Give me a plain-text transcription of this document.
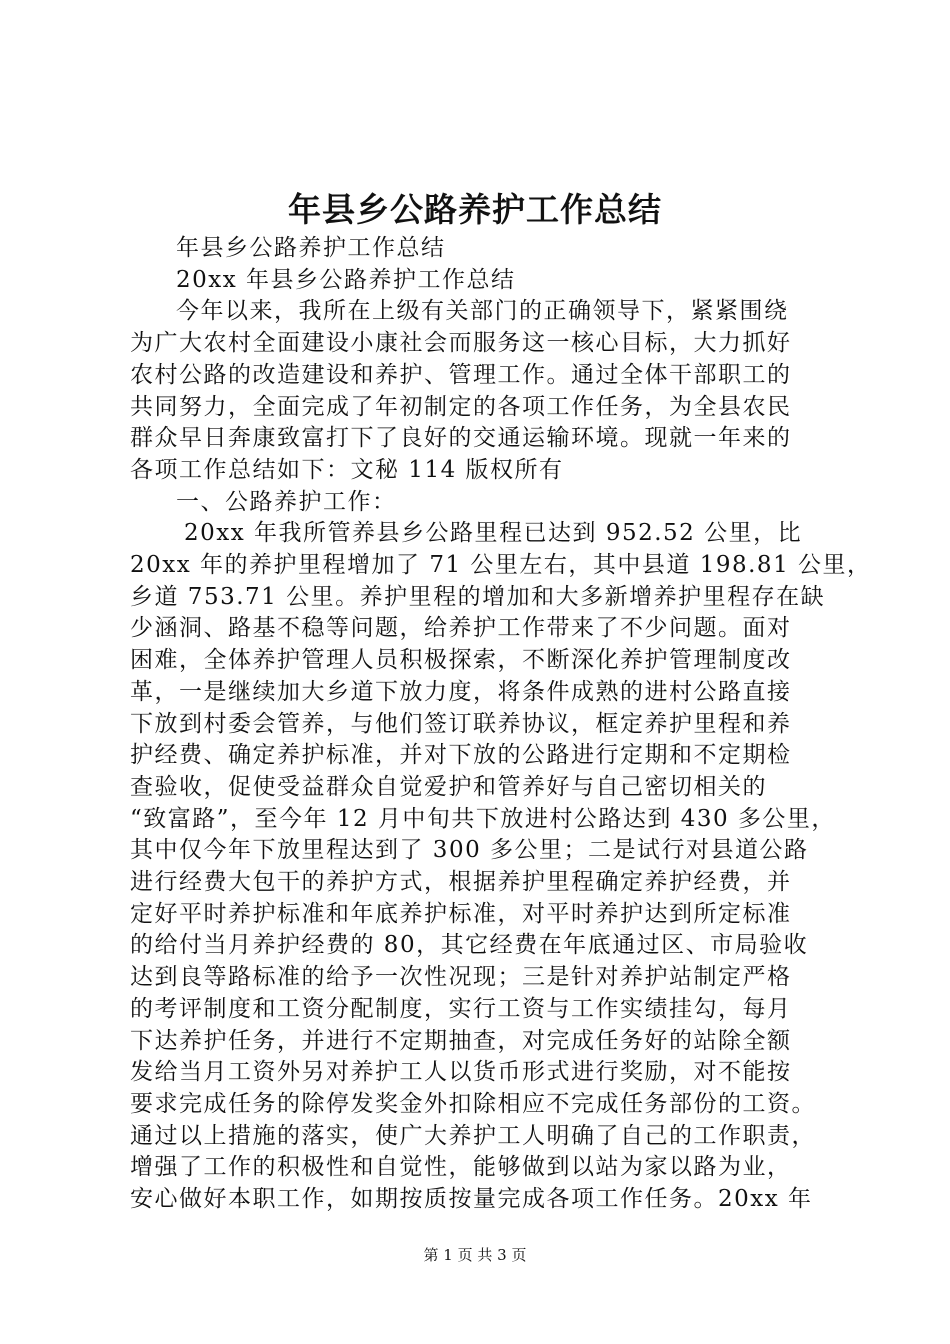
年县乡公路养护工作总结

年县乡公路养护工作总结

20xx 年县乡公路养护工作总结

今年以来，我所在上级有关部门的正确领导下，紧紧围绕

为广大农村全面建设小康社会而服务这一核心目标，大力抓好

农村公路的改造建设和养护、管理工作。通过全体干部职工的

共同努力，全面完成了年初制定的各项工作任务，为全县农民

群众早日奔康致富打下了良好的交通运输环境。现就一年来的

各项工作总结如下：文秘 114 版权所有

一、公路养护工作：

20xx 年我所管养县乡公路里程已达到 952.52 公里，比

20xx 年的养护里程增加了 71 公里左右，其中县道 198.81 公里，

乡道 753.71 公里。养护里程的增加和大多新增养护里程存在缺

少涵洞、路基不稳等问题，给养护工作带来了不少问题。面对

困难，全体养护管理人员积极探索，不断深化养护管理制度改

革，一是继续加大乡道下放力度，将条件成熟的进村公路直接

下放到村委会管养，与他们签订联养协议，框定养护里程和养

护经费、确定养护标准，并对下放的公路进行定期和不定期检

查验收，促使受益群众自觉爱护和管养好与自己密切相关的

“致富路”，至今年 12 月中旬共下放进村公路达到 430 多公里，

其中仅今年下放里程达到了 300 多公里；二是试行对县道公路

进行经费大包干的养护方式，根据养护里程确定养护经费，并

定好平时养护标准和年底养护标准，对平时养护达到所定标准

的给付当月养护经费的 80，其它经费在年底通过区、市局验收

达到良等路标准的给予一次性况现；三是针对养护站制定严格

的考评制度和工资分配制度，实行工资与工作实绩挂勾，每月

下达养护任务，并进行不定期抽查，对完成任务好的站除全额

发给当月工资外另对养护工人以货币形式进行奖励，对不能按

要求完成任务的除停发奖金外扣除相应不完成任务部份的工资。

通过以上措施的落实，使广大养护工人明确了自己的工作职责，

增强了工作的积极性和自觉性，能够做到以站为家以路为业，

安心做好本职工作，如期按质按量完成各项工作任务。20xx 年

第 1 页 共 3 页
